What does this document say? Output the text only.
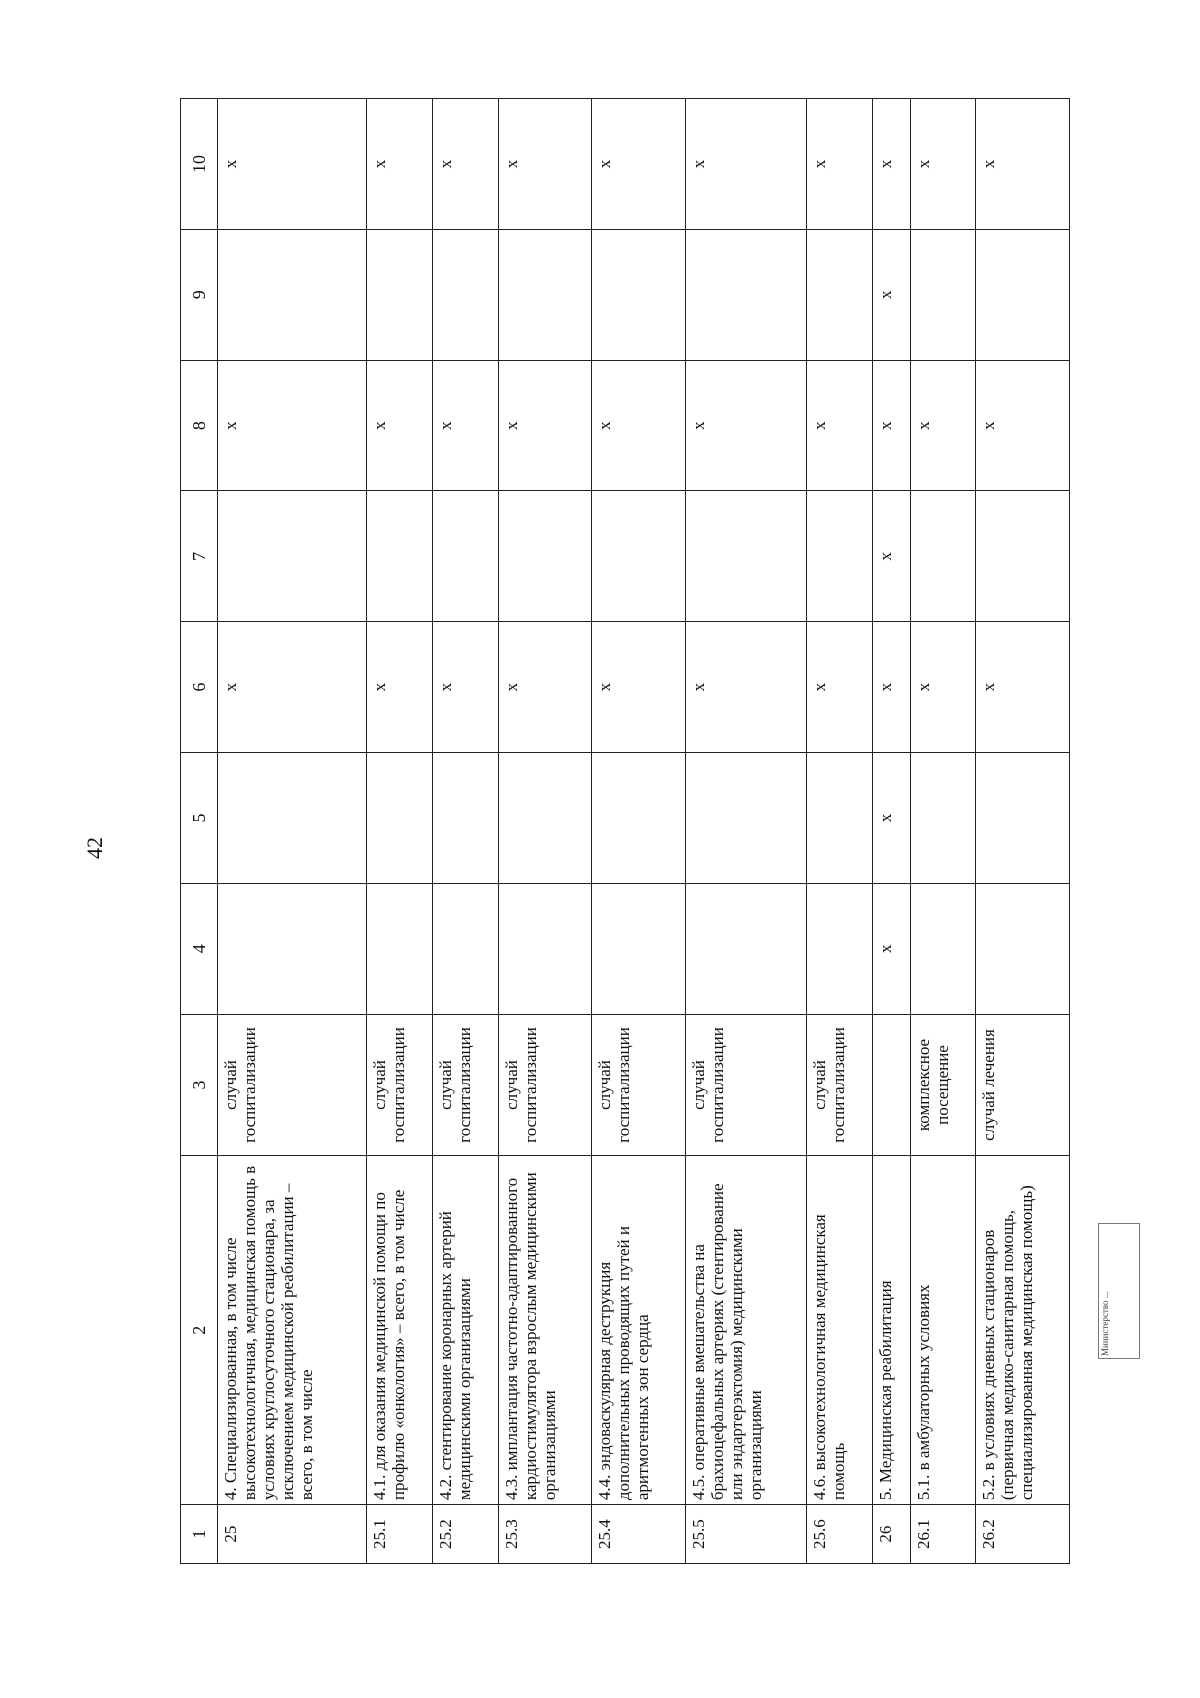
42
1	2	3	4	5	6	7	8	9	10
25	4. Специализированная, в том числе высокотехнологичная, медицинская помощь в условиях круглосуточного стационара, за исключением медицинской реабилитации – всего, в том числе	случай госпитализации			х		х		х
25.1	4.1. для оказания медицинской помощи по профилю «онкология» – всего, в том числе	случай госпитализации			х		х		х
25.2	4.2. стентирование коронарных артерий медицинскими организациями	случай госпитализации			х		х		х
25.3	4.3. имплантация частотно-адаптированного кардиостимулятора взрослым медицинскими организациями	случай госпитализации			х		х		х
25.4	4.4. эндоваскулярная деструкция дополнительных проводящих путей и аритмогенных зон сердца	случай госпитализации			х		х		х
25.5	4.5. оперативные вмешательства на брахиоцефальных артериях (стентирование или эндартерэктомия) медицинскими организациями	случай госпитализации			х		х		х
25.6	4.6. высокотехнологичная медицинская помощь	случай госпитализации			х		х		х
26	5. Медицинская реабилитация		х	х	х	х	х	х	х
26.1	5.1. в амбулаторных условиях	комплексное посещение			х		х		х
26.2	5.2. в условиях дневных стационаров (первичная медико-санитарная помощь, специализированная медицинская помощь)	случай лечения			х		х		х
Министерство ...
